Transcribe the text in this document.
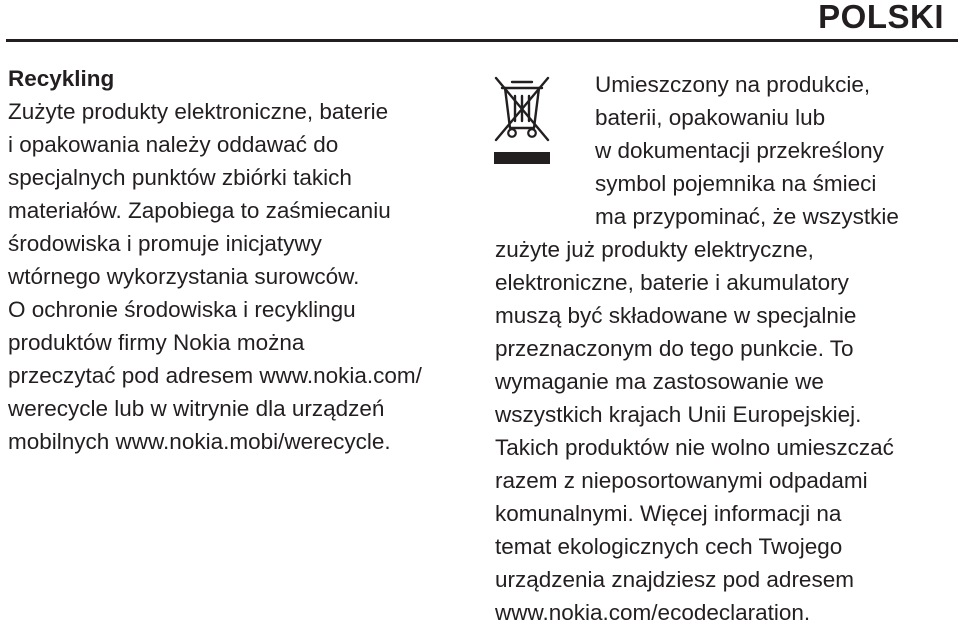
POLSKI
Recykling
Zużyte produkty elektroniczne, baterie
i opakowania należy oddawać do
specjalnych punktów zbiórki takich
materiałów. Zapobiega to zaśmiecaniu
środowiska i promuje inicjatywy
wtórnego wykorzystania surowców.
O ochronie środowiska i recyklingu
produktów firmy Nokia można
przeczytać pod adresem www.nokia.com/
werecycle lub w witrynie dla urządzeń
mobilnych www.nokia.mobi/werecycle.
Umieszczony na produkcie,
baterii, opakowaniu lub
w dokumentacji przekreślony
symbol pojemnika na śmieci
ma przypominać, że wszystkie
zużyte już produkty elektryczne,
elektroniczne, baterie i akumulatory
muszą być składowane w specjalnie
przeznaczonym do tego punkcie. To
wymaganie ma zastosowanie we
wszystkich krajach Unii Europejskiej.
Takich produktów nie wolno umieszczać
razem z nieposortowanymi odpadami
komunalnymi. Więcej informacji na
temat ekologicznych cech Twojego
urządzenia znajdziesz pod adresem
www.nokia.com/ecodeclaration.
